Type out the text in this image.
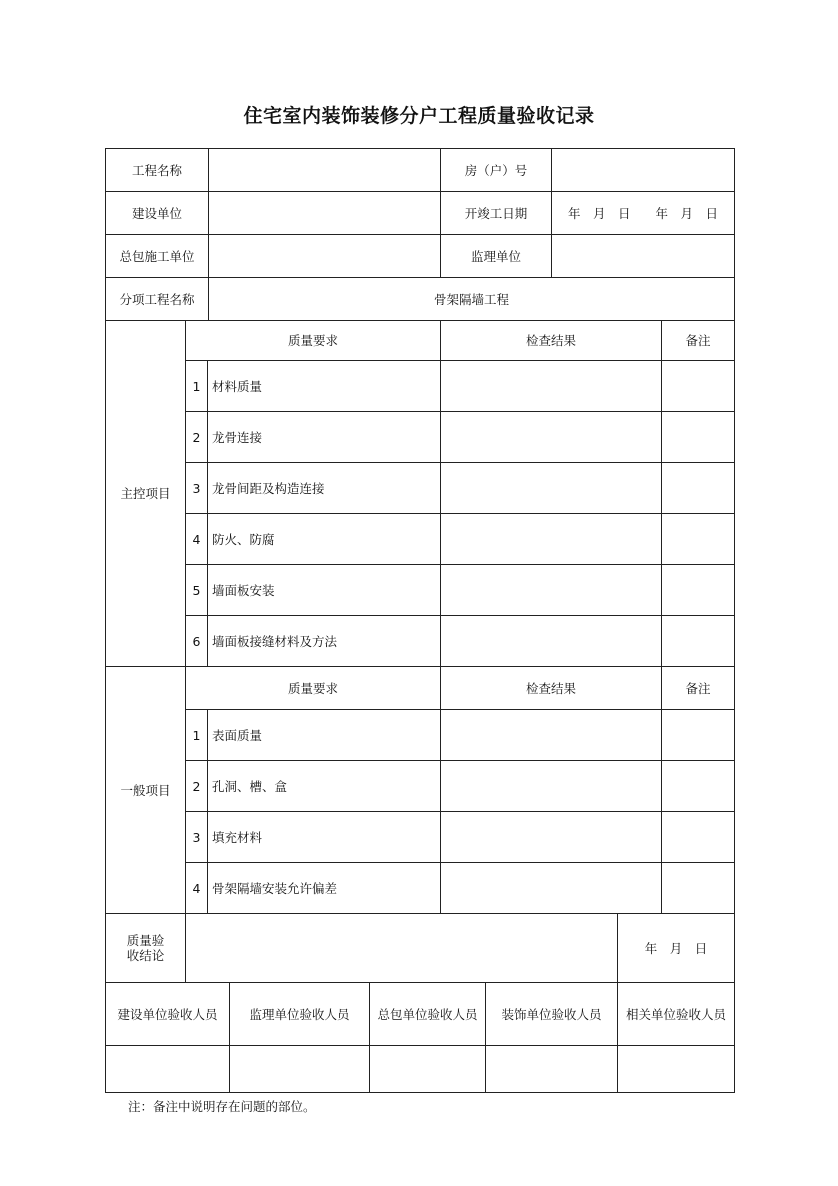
住宅室内装饰装修分户工程质量验收记录
工程名称	房（户）号
建设单位	开竣工日期	年　月　日　　年　月　日
总包施工单位	监理单位
分项工程名称	骨架隔墙工程
主控项目
质量要求	检查结果	备注
1 材料质量
2 龙骨连接
3 龙骨间距及构造连接
4 防火、防腐
5 墙面板安装
6 墙面板接缝材料及方法
一般项目
质量要求	检查结果	备注
1 表面质量
2 孔洞、槽、盒
3 填充材料
4 骨架隔墙安装允许偏差
质量验
收结论	年　月　日
建设单位验收人员	监理单位验收人员 总包单位验收人员 装饰单位验收人员 相关单位验收人员
注：备注中说明存在问题的部位。
